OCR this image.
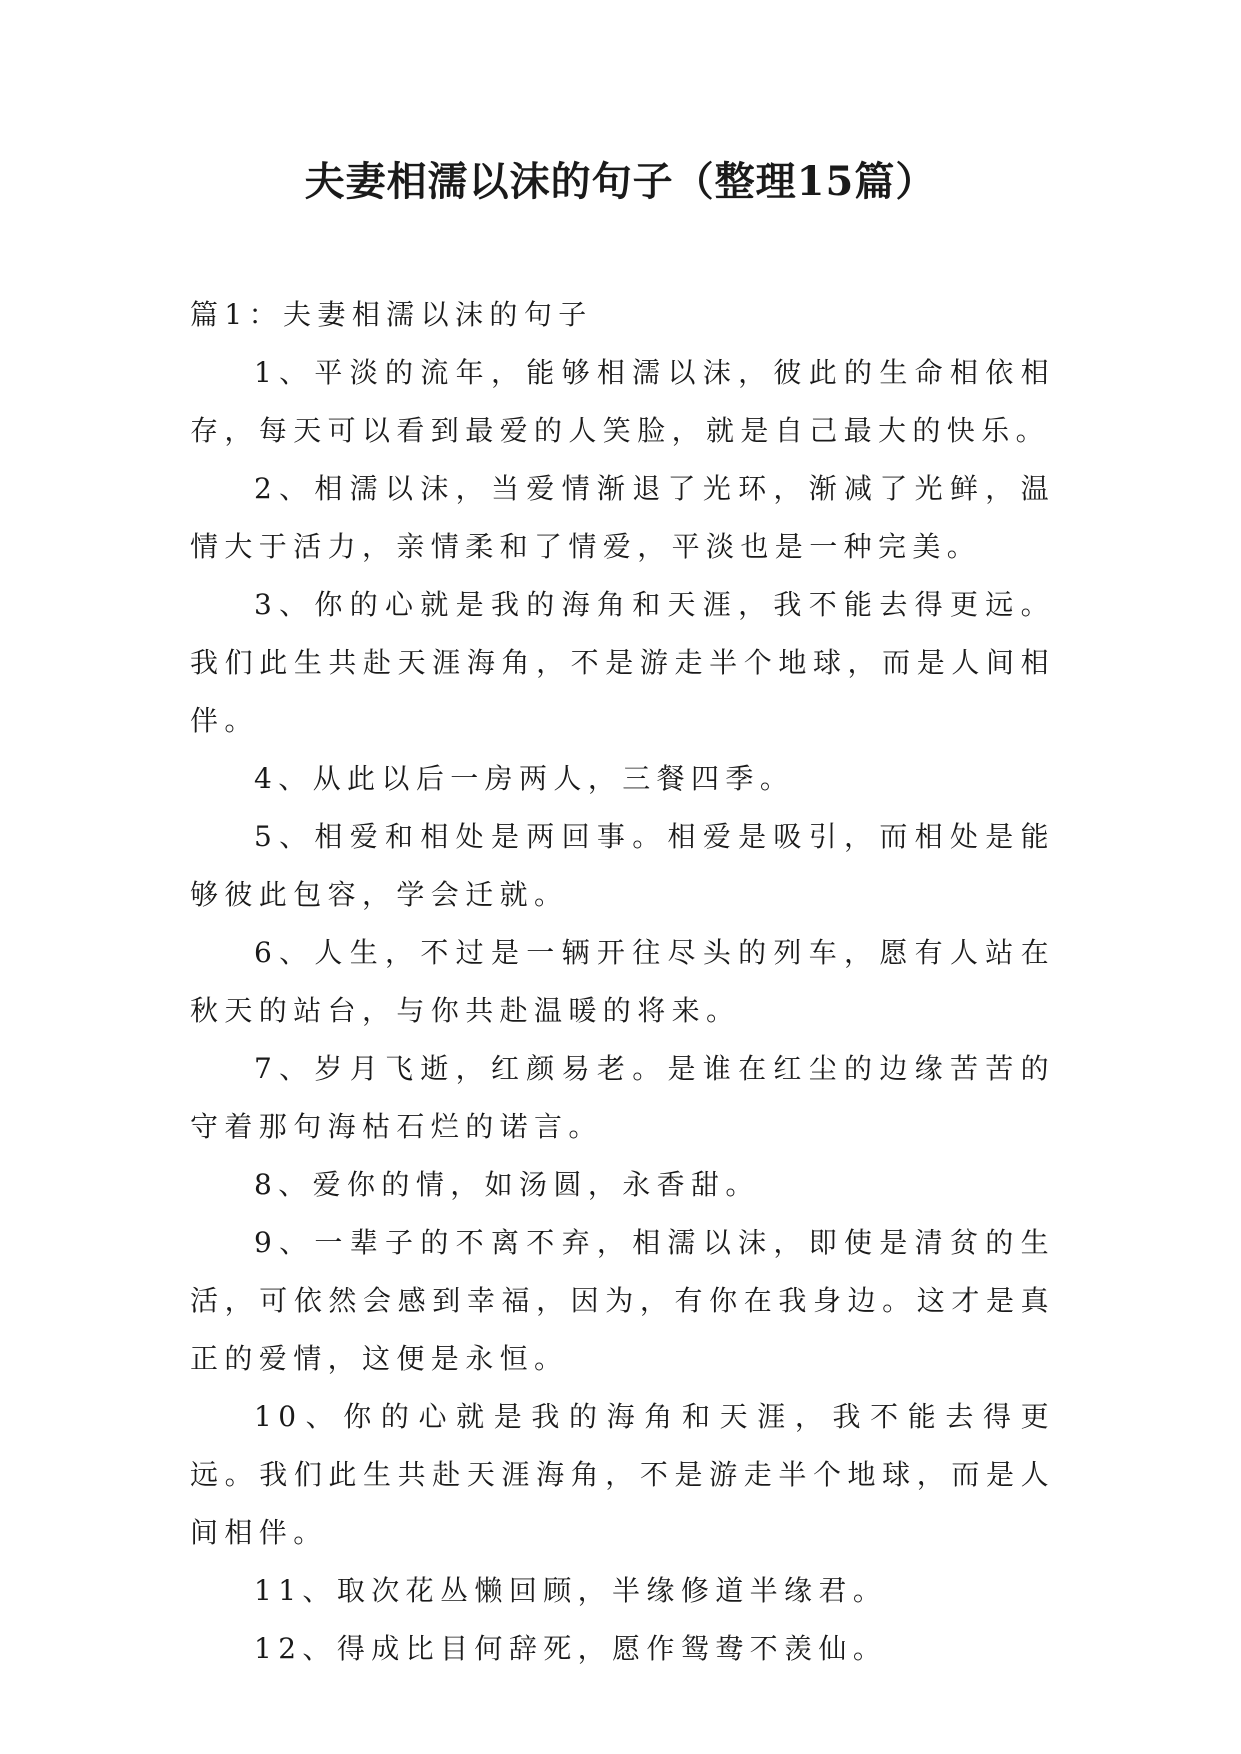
夫妻相濡以沫的句子（整理15篇）

篇1：夫妻相濡以沫的句子

1、平淡的流年，能够相濡以沫，彼此的生命相依相存，每天可以看到最爱的人笑脸，就是自己最大的快乐。

2、相濡以沫，当爱情渐退了光环，渐减了光鲜，温情大于活力，亲情柔和了情爱，平淡也是一种完美。

3、你的心就是我的海角和天涯，我不能去得更远。我们此生共赴天涯海角，不是游走半个地球，而是人间相伴。

4、从此以后一房两人，三餐四季。

5、相爱和相处是两回事。相爱是吸引，而相处是能够彼此包容，学会迁就。

6、人生，不过是一辆开往尽头的列车，愿有人站在秋天的站台，与你共赴温暖的将来。

7、岁月飞逝，红颜易老。是谁在红尘的边缘苦苦的守着那句海枯石烂的诺言。

8、爱你的情，如汤圆，永香甜。

9、一辈子的不离不弃，相濡以沫，即使是清贫的生活，可依然会感到幸福，因为，有你在我身边。这才是真正的爱情，这便是永恒。

10、你的心就是我的海角和天涯，我不能去得更远。我们此生共赴天涯海角，不是游走半个地球，而是人间相伴。

11、取次花丛懒回顾，半缘修道半缘君。

12、得成比目何辞死，愿作鸳鸯不羡仙。
